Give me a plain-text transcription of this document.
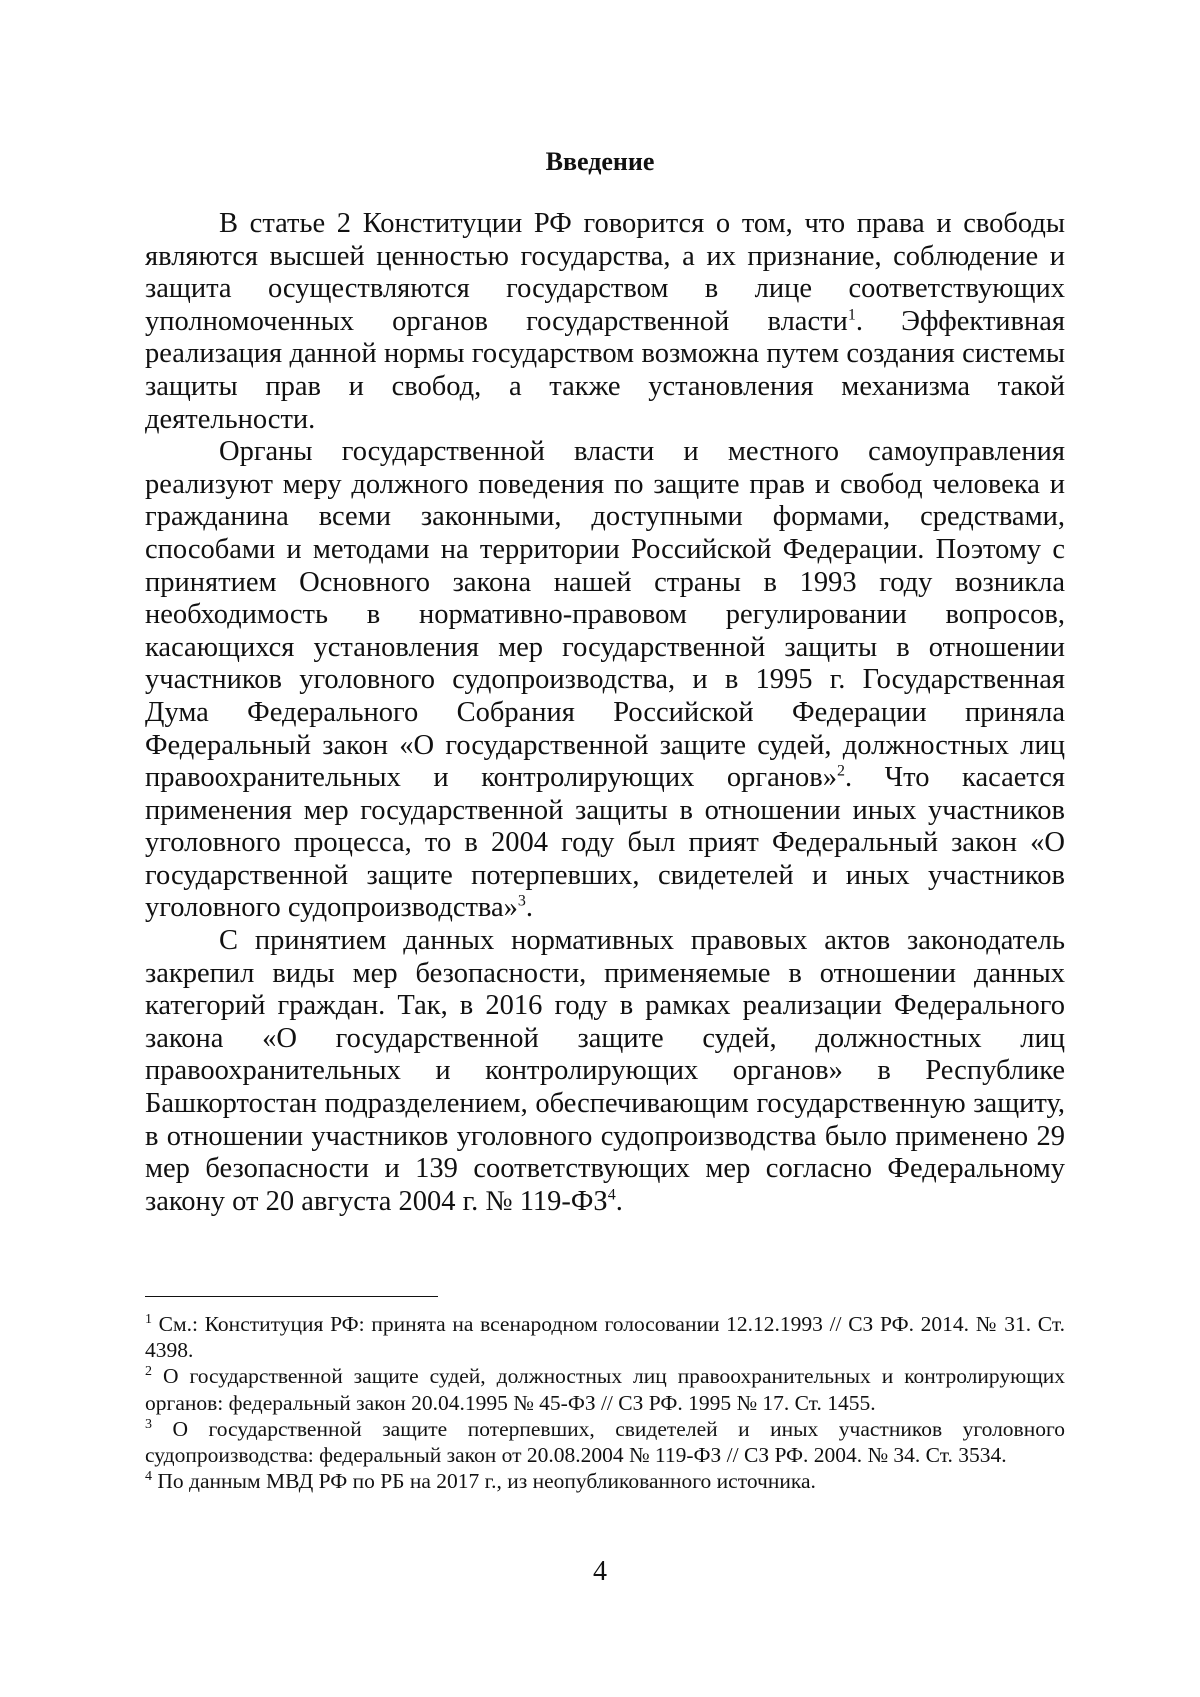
Введение

В статье 2 Конституции РФ говорится о том, что права и свободы являются высшей ценностью государства, а их признание, соблюдение и защита осуществляются государством в лице соответствующих уполномоченных органов государственной власти$^1$. Эффективная реализация данной нормы государством возможна путем создания системы защиты прав и свобод, а также установления механизма такой деятельности.

Органы государственной власти и местного самоуправления реализуют меру должного поведения по защите прав и свобод человека и гражданина всеми законными, доступными формами, средствами, способами и методами на территории Российской Федерации. Поэтому с принятием Основного закона нашей страны в 1993 году возникла необходимость в нормативно-правовом регулировании вопросов, касающихся установления мер государственной защиты в отношении участников уголовного судопроизводства, и в 1995 г. Государственная Дума Федерального Собрания Российской Федерации приняла Федеральный закон «О государственной защите судей, должностных лиц правоохранительных и контролирующих органов»$^2$. Что касается применения мер государственной защиты в отношении иных участников уголовного процесса, то в 2004 году был прият Федеральный закон «О государственной защите потерпевших, свидетелей и иных участников уголовного судопроизводства»$^3$.

С принятием данных нормативных правовых актов законодатель закрепил виды мер безопасности, применяемые в отношении данных категорий граждан. Так, в 2016 году в рамках реализации Федерального закона «О государственной защите судей, должностных лиц правоохранительных и контролирующих органов» в Республике Башкортостан подразделением, обеспечивающим государственную защиту, в отношении участников уголовного судопроизводства было применено 29 мер безопасности и 139 соответствующих мер согласно Федеральному закону от 20 августа 2004 г. № $119-ФЗ^4$.

$^1$ См.: Конституция РФ: принята на всенародном голосовании 12.12.1993 // СЗ РФ. 2014. № 31. Ст. 4398.

$^2$ О государственной защите судей, должностных лиц правоохранительных и контролирующих органов: федеральный закон 20.04.1995 № 45-ФЗ // СЗ РФ. 1995 № 17. Ст. 1455.

$^3$ О государственной защите потерпевших, свидетелей и иных участников уголовного судопроизводства: федеральный закон от 20.08.2004 № 119-ФЗ // СЗ РФ. 2004. № 34. Ст. 3534.

$^4$ По данным МВД РФ по РБ на 2017 г., из неопубликованного источника.

4
